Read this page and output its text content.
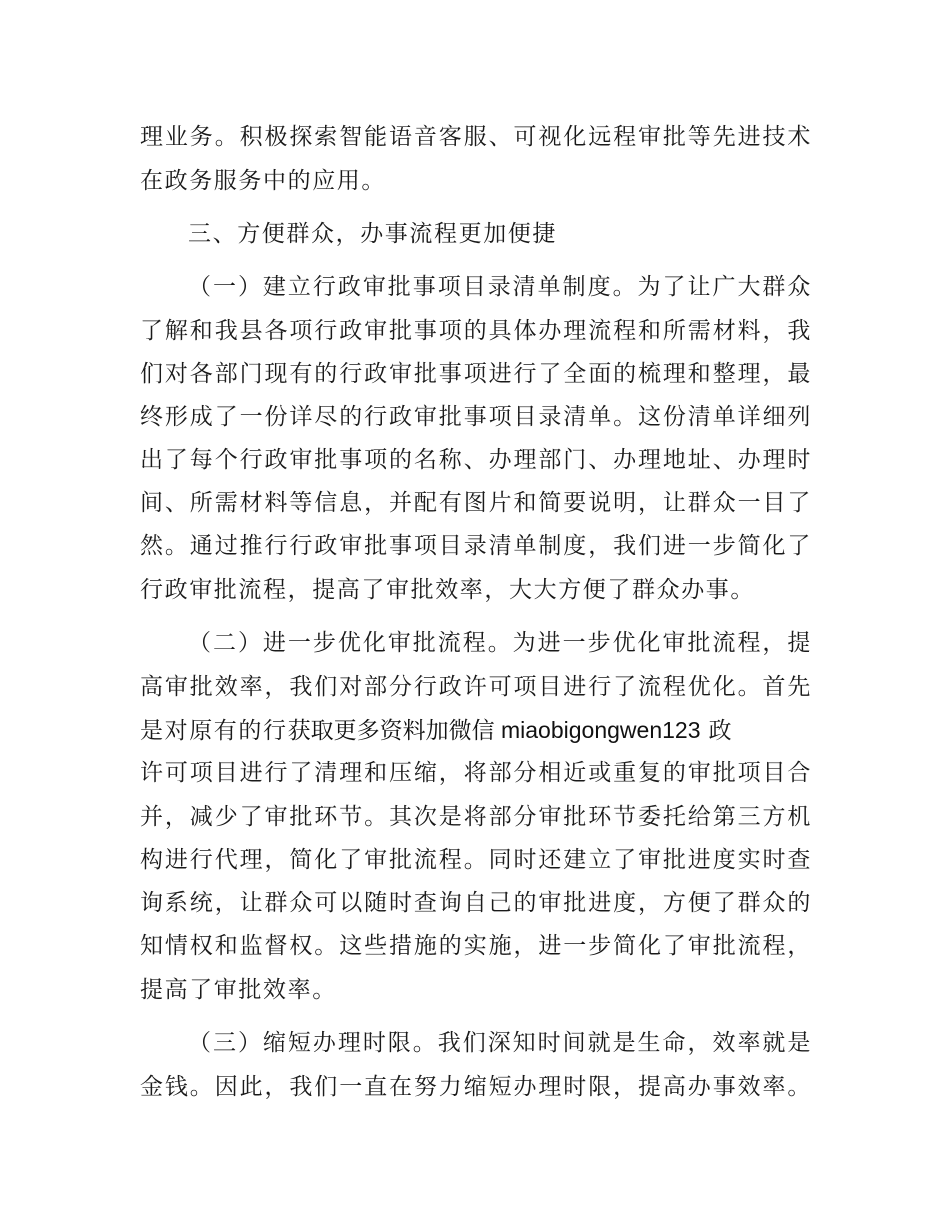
理业务。积极探索智能语音客服、可视化远程审批等先进技术
在政务服务中的应用。
三、方便群众，办事流程更加便捷
（一）建立行政审批事项目录清单制度。为了让广大群众
了解和我县各项行政审批事项的具体办理流程和所需材料，我
们对各部门现有的行政审批事项进行了全面的梳理和整理，最
终形成了一份详尽的行政审批事项目录清单。这份清单详细列
出了每个行政审批事项的名称、办理部门、办理地址、办理时
间、所需材料等信息，并配有图片和简要说明，让群众一目了
然。通过推行行政审批事项目录清单制度，我们进一步简化了
行政审批流程，提高了审批效率，大大方便了群众办事。
（二）进一步优化审批流程。为进一步优化审批流程，提
高审批效率，我们对部分行政许可项目进行了流程优化。首先
是对原有的行获取更多资料加微信 miaobigongwen123 政
许可项目进行了清理和压缩，将部分相近或重复的审批项目合
并，减少了审批环节。其次是将部分审批环节委托给第三方机
构进行代理，简化了审批流程。同时还建立了审批进度实时查
询系统，让群众可以随时查询自己的审批进度，方便了群众的
知情权和监督权。这些措施的实施，进一步简化了审批流程，
提高了审批效率。
（三）缩短办理时限。我们深知时间就是生命，效率就是
金钱。因此，我们一直在努力缩短办理时限，提高办事效率。
